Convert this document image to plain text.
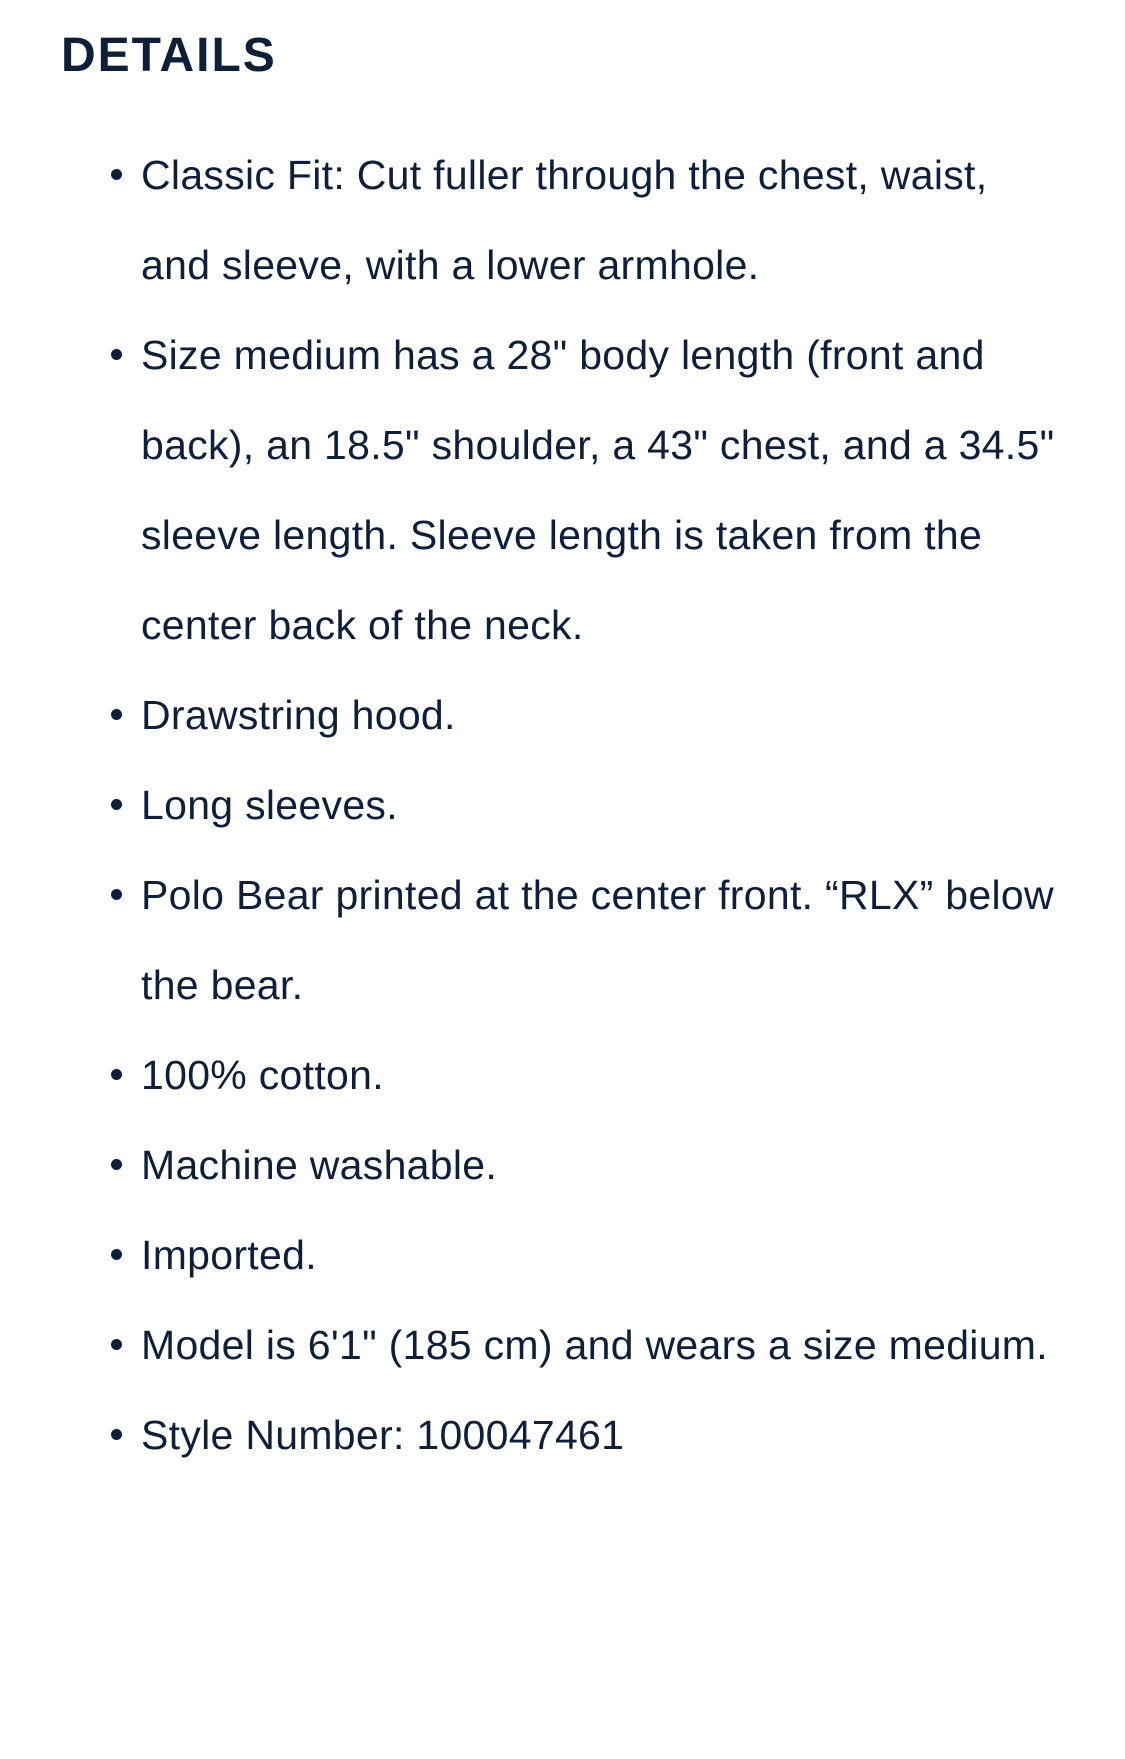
DETAILS
Classic Fit: Cut fuller through the chest, waist, and sleeve, with a lower armhole.
Size medium has a 28" body length (front and back), an 18.5" shoulder, a 43" chest, and a 34.5" sleeve length. Sleeve length is taken from the center back of the neck.
Drawstring hood.
Long sleeves.
Polo Bear printed at the center front. “RLX” below the bear.
100% cotton.
Machine washable.
Imported.
Model is 6'1" (185 cm) and wears a size medium.
Style Number: 100047461
